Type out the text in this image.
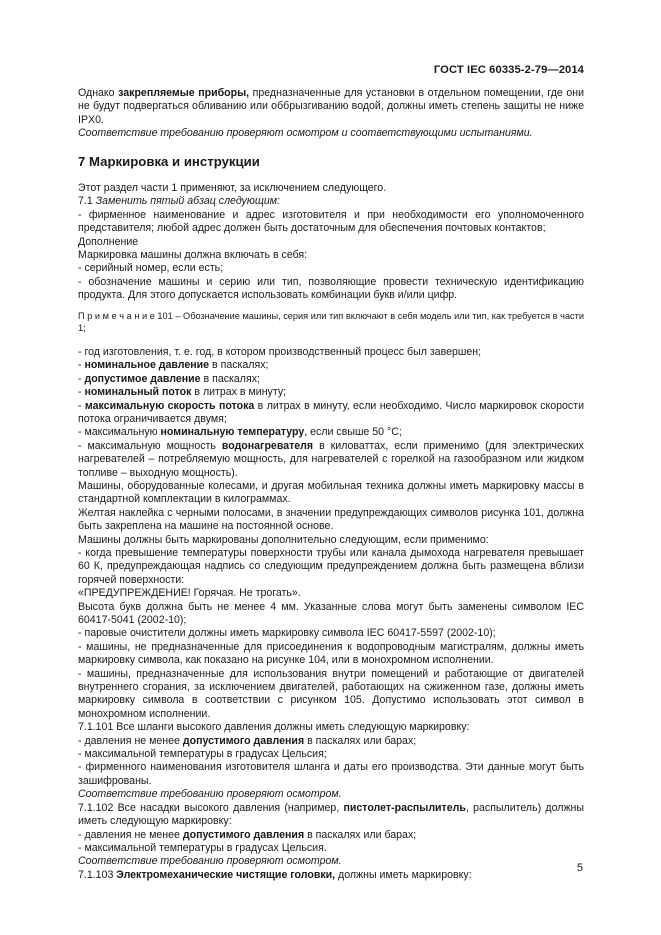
ГОСТ IEC 60335-2-79—2014

Однако закрепляемые приборы, предназначенные для установки в отдельном помещении, где они не будут подвергаться обливанию или оббрызгиванию водой, должны иметь степень защиты не ниже IPX0.

Соответствие требованию проверяют осмотром и соответствующими испытаниями.

7 Маркировка и инструкции

Этот раздел части 1 применяют, за исключением следующего.

7.1 Заменить пятый абзац следующим:

- фирменное наименование и адрес изготовителя и при необходимости его уполномоченного представителя; любой адрес должен быть достаточным для обеспечения почтовых контактов;

Дополнение

Маркировка машины должна включать в себя:

- серийный номер, если есть;

- обозначение машины и серию или тип, позволяющие провести техническую идентификацию продукта. Для этого допускается использовать комбинации букв и/или цифр.

П р и м е ч а н и е 101 – Обозначение машины, серия или тип включают в себя модель или тип, как требуется в части 1;

- год изготовления, т. е. год, в котором производственный процесс был завершен;

- номинальное давление в паскалях;

- допустимое давление в паскалях;

- номинальный поток в литрах в минуту;

- максимальную скорость потока в литрах в минуту, если необходимо. Число маркировок скорости потока ограничивается двумя;

- максимальную номинальную температуру, если свыше 50 °С;

- максимальную мощность водонагревателя в киловаттах, если применимо (для электрических нагревателей – потребляемую мощность, для нагревателей с горелкой на газообразном или жидком топливе – выходную мощность).

Машины, оборудованные колесами, и другая мобильная техника должны иметь маркировку массы в стандартной комплектации в килограммах.

Желтая наклейка с черными полосами, в значении предупреждающих символов рисунка 101, должна быть закреплена на машине на постоянной основе.

Машины должны быть маркированы дополнительно следующим, если применимо:

- когда превышение температуры поверхности трубы или канала дымохода нагревателя превышает 60 К, предупреждающая надпись со следующим предупреждением должна быть размещена вблизи горячей поверхности:

«ПРЕДУПРЕЖДЕНИЕ! Горячая. Не трогать».

Высота букв должна быть не менее 4 мм. Указанные слова могут быть заменены символом IEC 60417-5041 (2002-10);

- паровые очистители должны иметь маркировку символа IEC 60417-5597 (2002-10);

- машины, не предназначенные для присоединения к водопроводным магистралям, должны иметь маркировку символа, как показано на рисунке 104, или в монохромном исполнении.

- машины, предназначенные для использования внутри помещений и работающие от двигателей внутреннего сгорания, за исключением двигателей, работающих на сжиженном газе, должны иметь маркировку символа в соответствии с рисунком 105. Допустимо использовать этот символ в монохромном исполнении.

7.1.101 Все шланги высокого давления должны иметь следующую маркировку:

- давления не менее допустимого давления в паскалях или барах;

- максимальной температуры в градусах Цельсия;

- фирменного наименования изготовителя шланга и даты его производства. Эти данные могут быть зашифрованы.

Соответствие требованию проверяют осмотром.

7.1.102 Все насадки высокого давления (например, пистолет-распылитель, распылитель) должны иметь следующую маркировку:

- давления не менее допустимого давления в паскалях или барах;

- максимальной температуры в градусах Цельсия.

Соответствие требованию проверяют осмотром.

7.1.103 Электромеханические чистящие головки, должны иметь маркировку:

5
